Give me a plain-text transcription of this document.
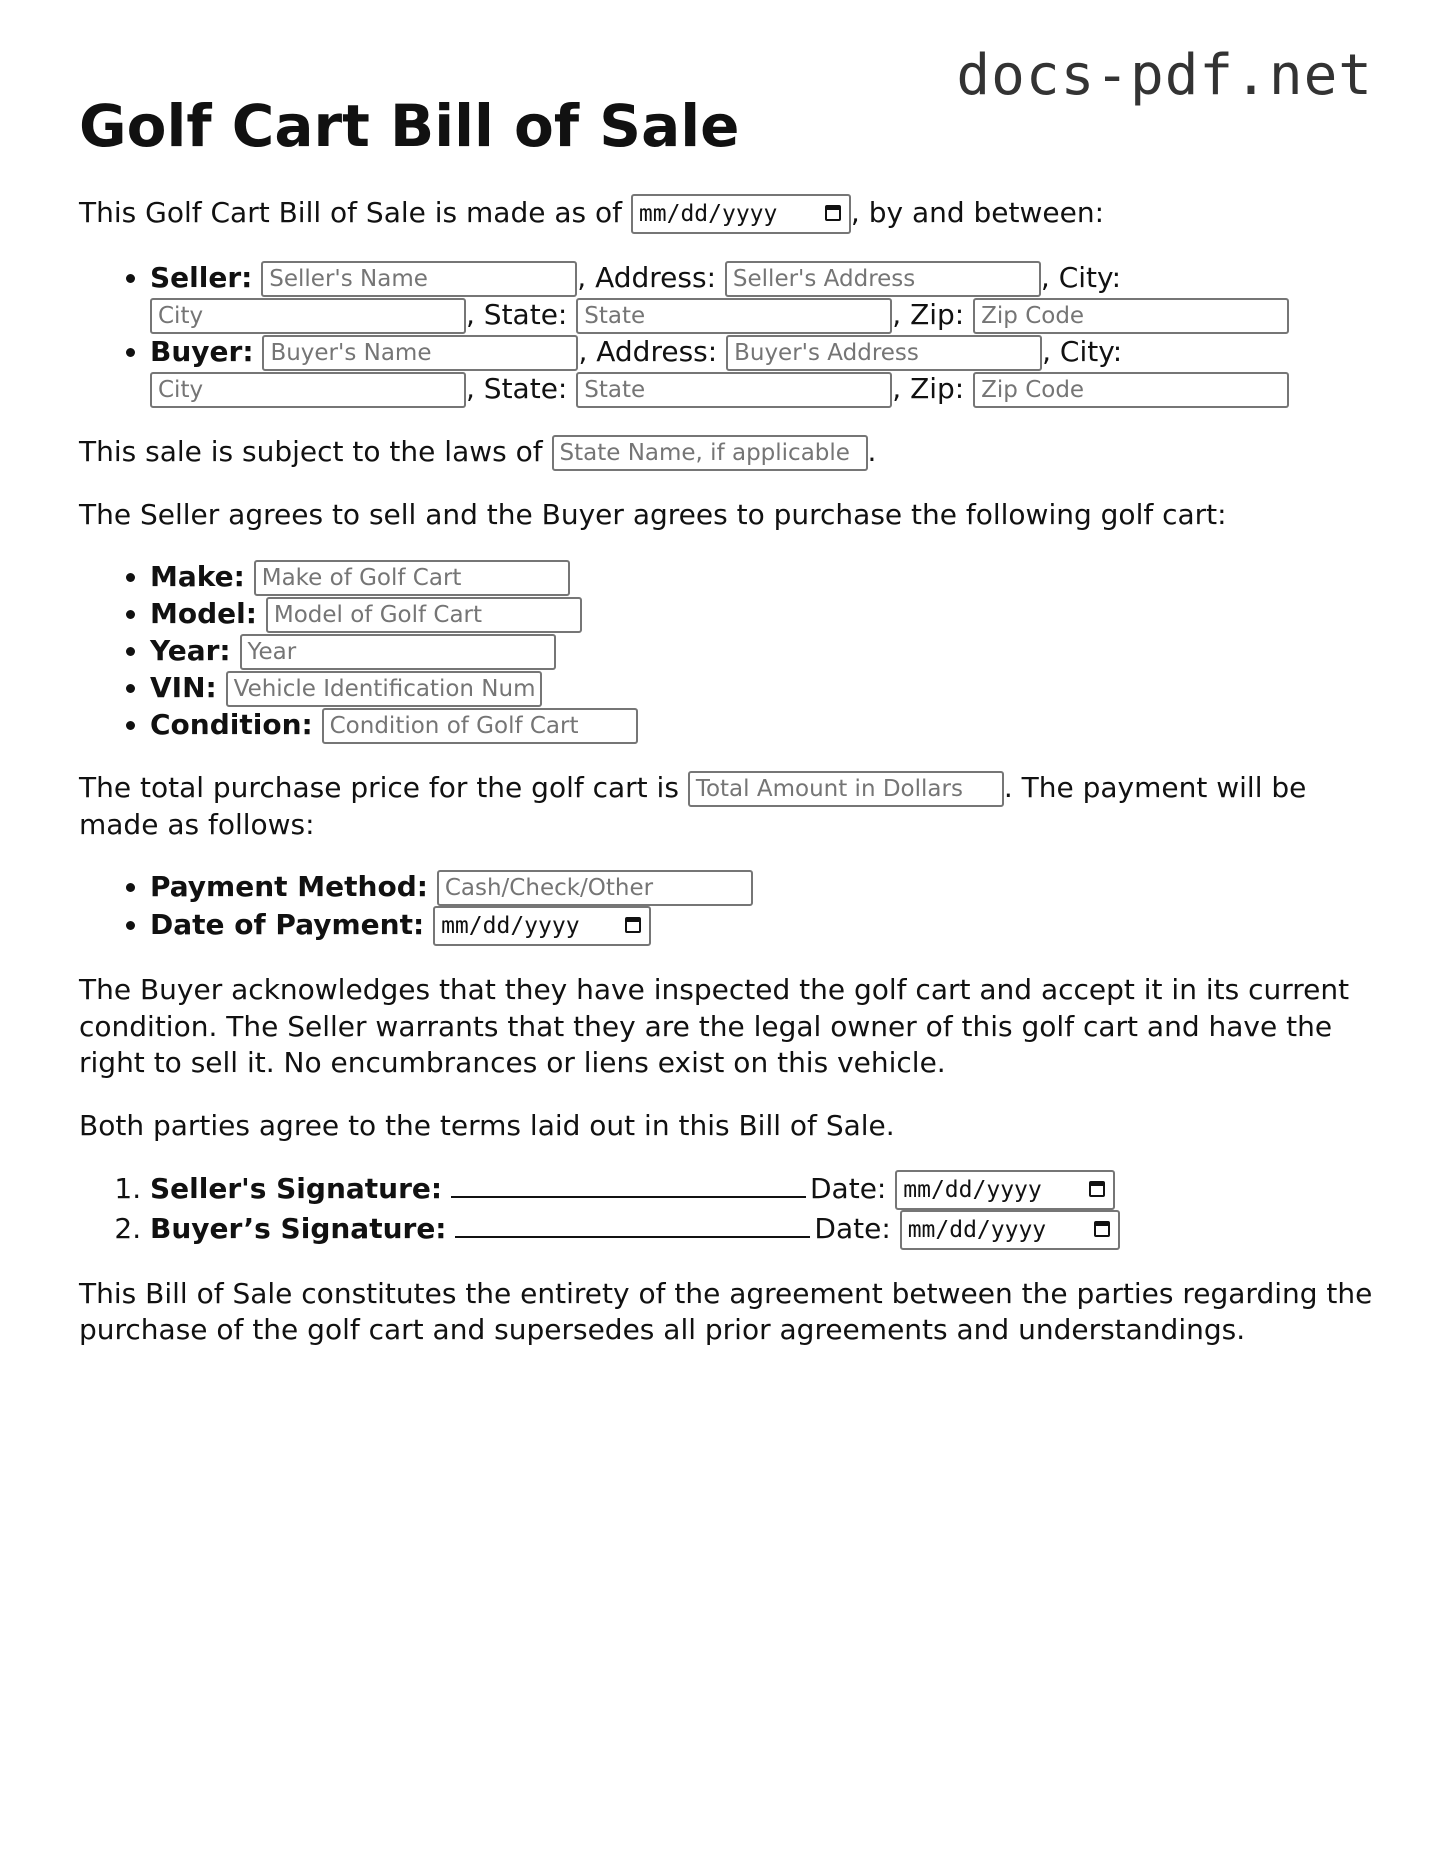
docs-pdf.net
Golf Cart Bill of Sale

This Golf Cart Bill of Sale is made as of mm/dd/yyyy	, by and between:

• Seller: Seller's Name	, Address: Seller's Address	, City: City	, State: State	, Zip: Zip Code
• Buyer: Buyer's Name	, Address: Buyer's Address	, City: City	, State: State	, Zip: Zip Code

This sale is subject to the laws of State Name, if applicable .

The Seller agrees to sell and the Buyer agrees to purchase the following golf cart:

• Make: Make of Golf Cart
• Model: Model of Golf Cart
• Year: Year
• VIN: Vehicle Identification Num
• Condition: Condition of Golf Cart

The total purchase price for the golf cart is Total Amount in Dollars . The payment will be made as follows:

• Payment Method: Cash/Check/Other
• Date of Payment: mm/dd/yyyy

The Buyer acknowledges that they have inspected the golf cart and accept it in its current condition. The Seller warrants that they are the legal owner of this golf cart and have the right to sell it. No encumbrances or liens exist on this vehicle.

Both parties agree to the terms laid out in this Bill of Sale.

1. Seller's Signature:	Date: mm/dd/yyyy
2. Buyer’s Signature:	Date: mm/dd/yyyy

This Bill of Sale constitutes the entirety of the agreement between the parties regarding the purchase of the golf cart and supersedes all prior agreements and understandings.
